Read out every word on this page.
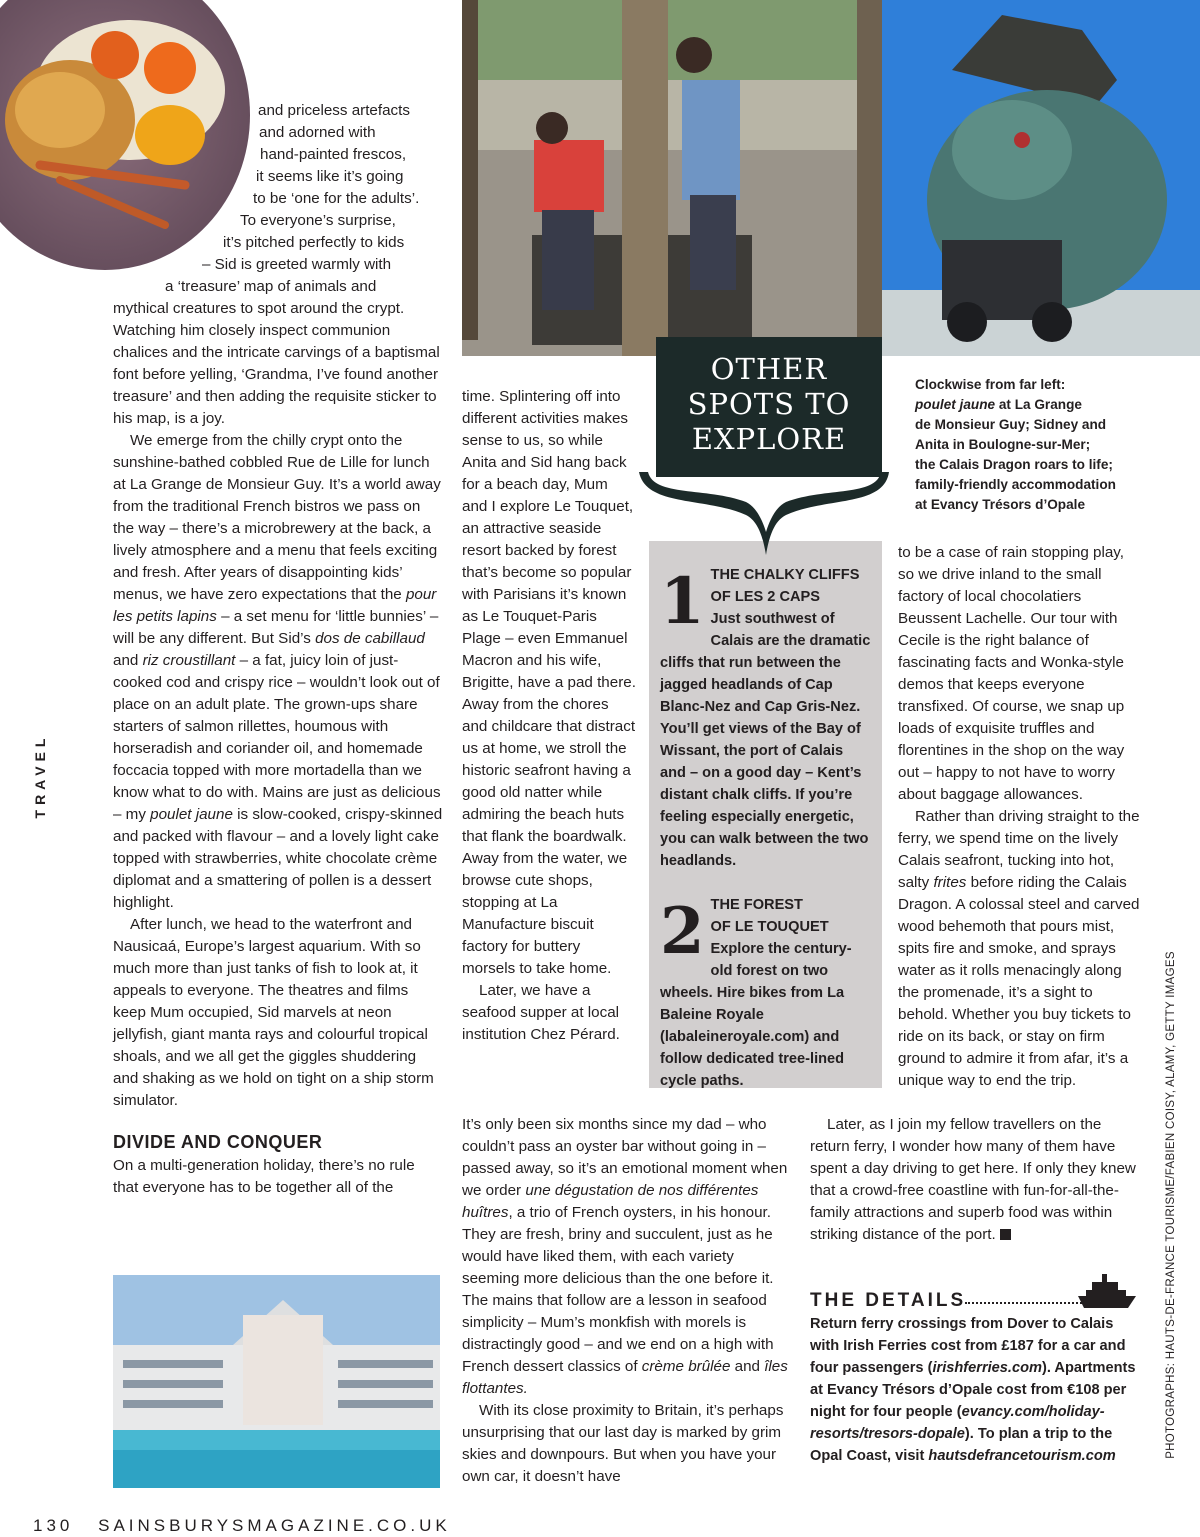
TRAVEL
PHOTOGRAPHS: HAUTS-DE-FRANCE TOURISME/FABIEN COISY, ALAMY, GETTY IMAGES
and priceless artefacts
and adorned with
hand-painted frescos,
it seems like it’s going
to be ‘one for the adults’.
To everyone’s surprise,
it’s pitched perfectly to kids
– Sid is greeted warmly with
a ‘treasure’ map of animals and

mythical creatures to spot around the crypt. Watching him closely inspect communion chalices and the intricate carvings of a baptismal font before yelling, ‘Grandma, I’ve found another treasure’ and then adding the requisite sticker to his map, is a joy.

We emerge from the chilly crypt onto the sunshine-bathed cobbled Rue de Lille for lunch at La Grange de Monsieur Guy. It’s a world away from the traditional French bistros we pass on the way – there’s a microbrewery at the back, a lively atmosphere and a menu that feels exciting and fresh. After years of disappointing kids’ menus, we have zero expectations that the pour les petits lapins – a set menu for ‘little bunnies’ – will be any different. But Sid’s dos de cabillaud and riz croustillant – a fat, juicy loin of just-cooked cod and crispy rice – wouldn’t look out of place on an adult plate. The grown-ups share starters of salmon rillettes, houmous with horseradish and coriander oil, and homemade foccacia topped with more mortadella than we know what to do with. Mains are just as delicious – my poulet jaune is slow-cooked, crispy-skinned and packed with flavour – and a lovely light cake topped with strawberries, white chocolate crème diplomat and a smattering of pollen is a dessert highlight.

After lunch, we head to the waterfront and Nausicaá, Europe’s largest aquarium. With so much more than just tanks of fish to look at, it appeals to everyone. The theatres and films keep Mum occupied, Sid marvels at neon jellyfish, giant manta rays and colourful tropical shoals, and we all get the giggles shuddering and shaking as we hold on tight on a ship storm simulator.

DIVIDE AND CONQUER

On a multi-generation holiday, there’s no rule that everyone has to be together all of the

time. Splintering off into different activities makes sense to us, so while Anita and Sid hang back for a beach day, Mum and I explore Le Touquet, an attractive seaside resort backed by forest that’s become so popular with Parisians it’s known as Le Touquet-Paris Plage – even Emmanuel Macron and his wife, Brigitte, have a pad there. Away from the chores and childcare that distract us at home, we stroll the historic seafront having a good old natter while admiring the beach huts that flank the boardwalk. Away from the water, we browse cute shops, stopping at La Manufacture biscuit factory for buttery morsels to take home.

Later, we have a seafood supper at local institution Chez Pérard.

It’s only been six months since my dad – who couldn’t pass an oyster bar without going in – passed away, so it’s an emotional moment when we order une dégustation de nos différentes huîtres, a trio of French oysters, in his honour. They are fresh, briny and succulent, just as he would have liked them, with each variety seeming more delicious than the one before it. The mains that follow are a lesson in seafood simplicity – Mum’s monkfish with morels is distractingly good – and we end on a high with French dessert classics of crème brûlée and îles flottantes.

With its close proximity to Britain, it’s perhaps unsurprising that our last day is marked by grim skies and downpours. But when you have your own car, it doesn’t have

OTHER
SPOTS TO
EXPLORE
1 THE CHALKY CLIFFS
OF LES 2 CAPS
Just southwest of Calais are the dramatic cliffs that run between the jagged headlands of Cap Blanc-Nez and Cap Gris-Nez. You’ll get views of the Bay of Wissant, the port of Calais and – on a good day – Kent’s distant chalk cliffs. If you’re feeling especially energetic, you can walk between the two headlands.
2 THE FOREST
OF LE TOUQUET
Explore the century-old forest on two wheels. Hire bikes from La Baleine Royale (labaleineroyale.com) and follow dedicated tree-lined cycle paths.
Clockwise from far left:
poulet jaune at La Grange
de Monsieur Guy; Sidney and
Anita in Boulogne-sur-Mer;
the Calais Dragon roars to life;
family-friendly accommodation
at Evancy Trésors d’Opale

to be a case of rain stopping play, so we drive inland to the small factory of local chocolatiers Beussent Lachelle. Our tour with Cecile is the right balance of fascinating facts and Wonka-style demos that keeps everyone transfixed. Of course, we snap up loads of exquisite truffles and florentines in the shop on the way out – happy to not have to worry about baggage allowances.

Rather than driving straight to the ferry, we spend time on the lively Calais seafront, tucking into hot, salty frites before riding the Calais Dragon. A colossal steel and carved wood behemoth that pours mist, spits fire and smoke, and sprays water as it rolls menacingly along the promenade, it’s a sight to behold. Whether you buy tickets to ride on its back, or stay on firm ground to admire it from afar, it’s a unique way to end the trip.

Later, as I join my fellow travellers on the return ferry, I wonder how many of them have spent a day driving to get here. If only they knew that a crowd-free coastline with fun-for-all-the-family attractions and superb food was within striking distance of the port.

THE DETAILS
Return ferry crossings from Dover to Calais with Irish Ferries cost from £187 for a car and four passengers (irishferries.com). Apartments at Evancy Trésors d’Opale cost from €108 per night for four people (evancy.com/holiday-resorts/tresors-dopale). To plan a trip to the Opal Coast, visit hautsdefrancetourism.com
130 SAINSBURYSMAGAZINE.CO.UK
